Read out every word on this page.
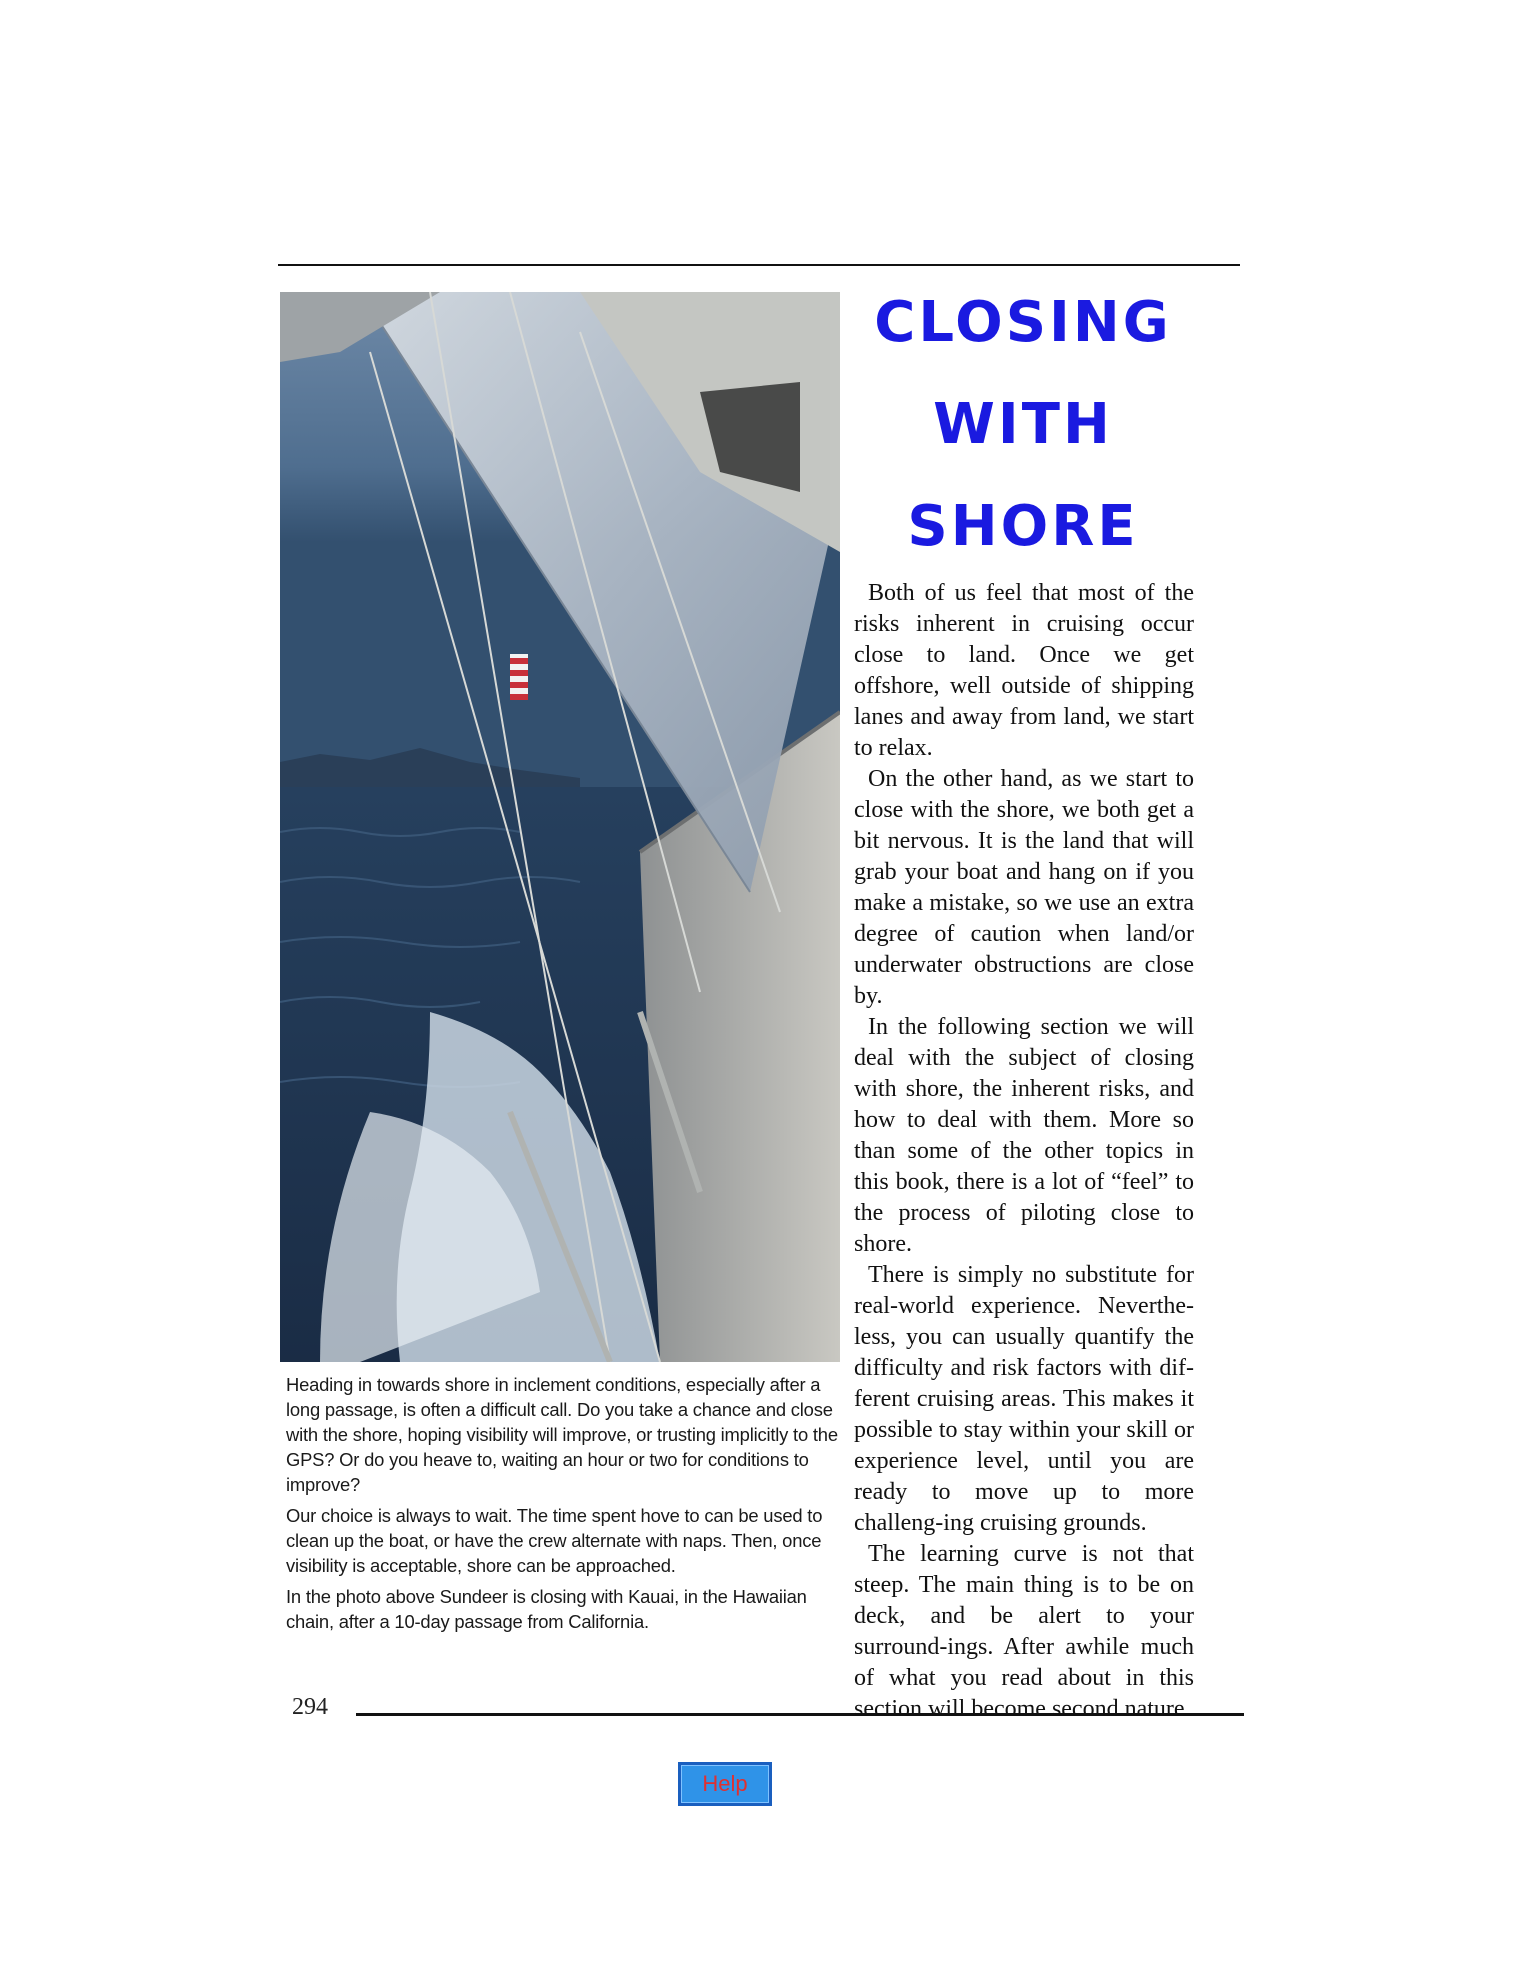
Heading in towards shore in inclement conditions, especially after a long passage, is often a difficult call. Do you take a chance and close with the shore, hoping visibility will improve, or trusting implicitly to the GPS? Or do you heave to, waiting an hour or two for conditions to improve?

Our choice is always to wait. The time spent hove to can be used to clean up the boat, or have the crew alternate with naps. Then, once visibility is acceptable, shore can be approached.

In the photo above Sundeer is closing with Kauai, in the Hawaiian chain, after a 10-day passage from California.

CLOSING
WITH
SHORE

Both of us feel that most of the risks inherent in cruising occur close to land. Once we get offshore, well outside of shipping lanes and away from land, we start to relax.

On the other hand, as we start to close with the shore, we both get a bit nervous. It is the land that will grab your boat and hang on if you make a mistake, so we use an extra degree of caution when land/or underwater obstructions are close by.

In the following section we will deal with the subject of closing with shore, the inherent risks, and how to deal with them. More so than some of the other topics in this book, there is a lot of “feel” to the process of piloting close to shore.

There is simply no substitute for real-world experience. Neverthe-less, you can usually quantify the difficulty and risk factors with dif-ferent cruising areas. This makes it possible to stay within your skill or experience level, until you are ready to move up to more challeng-ing cruising grounds.

The learning curve is not that steep. The main thing is to be on deck, and be alert to your surround-ings. After awhile much of what you read about in this section will become second nature.

294
Help
